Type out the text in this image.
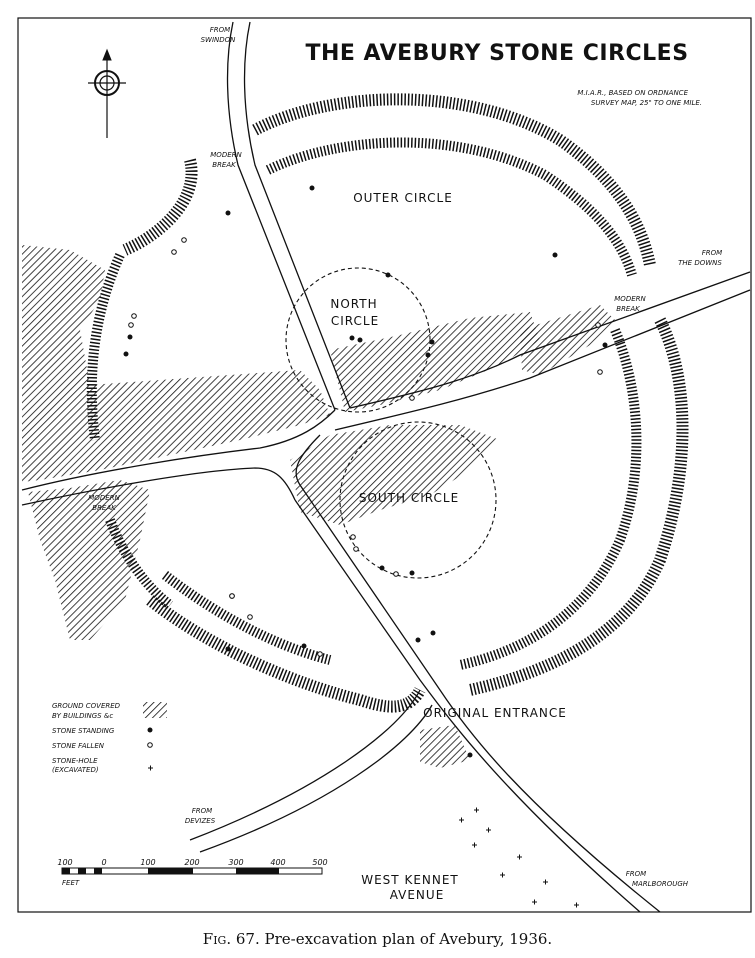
THE AVEBURY STONE CIRCLES
M.I.A.R., BASED ON ORDNANCE
SURVEY MAP, 25" TO ONE MILE.
FROM
SWINDON
MODERN
BREAK
FROM
THE DOWNS
MODERN
BREAK
MODERN
BREAK
FROM
DEVIZES
FROM
MARLBOROUGH
OUTER CIRCLE
NORTH
CIRCLE
SOUTH CIRCLE
ORIGINAL ENTRANCE
WEST KENNET
AVENUE
GROUND COVERED
BY BUILDINGS &c
STONE STANDING
STONE FALLEN
STONE-HOLE
(EXCAVATED)
100	0	100	200	300	400	500
FEET
Fig. 67. Pre-excavation plan of Avebury, 1936.
